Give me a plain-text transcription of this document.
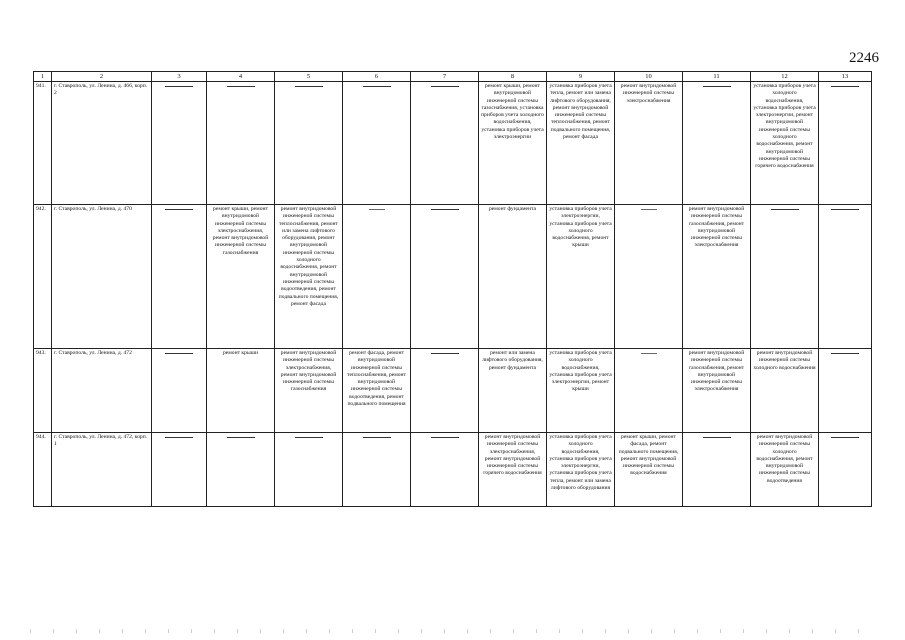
2246
1	2	3	4	5	6	7	8	9	10	11	12	13
941.	г. Ставрополь, ул. Ленина, д. 466, корп. 2						ремонт крыши, ремонт внутридомовой инженерной системы газоснабжения, установка приборов учета холодного водоснабжения, установка приборов учета электроэнергии	установка приборов учета тепла, ремонт или замена лифтового оборудования, ремонт внутридомовой инженерной системы теплоснабжения, ремонт подвального помещения, ремонт фасада	ремонт внутридомовой инженерной системы электроснабжения		установка приборов учета холодного водоснабжения, установка приборов учета электроэнергии, ремонт внутридомовой инженерной системы холодного водоснабжения, ремонт внутридомовой инженерной системы горячего водоснабжения	

942.	г. Ставрополь, ул. Ленина, д. 470		ремонт крыши, ремонт внутридомовой инженерной системы электроснабжения, ремонт внутридомовой инженерной системы газоснабжения	ремонт внутридомовой инженерной системы теплоснабжения, ремонт или замена лифтового оборудования, ремонт внутридомовой инженерной системы холодного водоснабжения, ремонт внутридомовой инженерной системы водоотведения, ремонт подвального помещения, ремонт фасада			ремонт фундамента	установка приборов учета электроэнергии, установка приборов учета холодного водоснабжения, ремонт крыши		ремонт внутридомовой инженерной системы газоснабжения, ремонт внутридомовой инженерной системы электроснабжения	

943.	г. Ставрополь, ул. Ленина, д. 472		ремонт крыши	ремонт внутридомовой инженерной системы электроснабжения, ремонт внутридомовой инженерной системы газоснабжения	ремонт фасада, ремонт внутридомовой инженерной системы теплоснабжения, ремонт внутридомовой инженерной системы водоотведения, ремонт подвального помещения		ремонт или замена лифтового оборудования, ремонт фундамента	установка приборов учета холодного водоснабжения, установка приборов учета электроэнергии, ремонт крыши		ремонт внутридомовой инженерной системы газоснабжения, ремонт внутридомовой инженерной системы электроснабжения	ремонт внутридомовой инженерной системы холодного водоснабжения	

944.	г. Ставрополь, ул. Ленина, д. 472, корп. 1						ремонт внутридомовой инженерной системы электроснабжения, ремонт внутридомовой инженерной системы горячего водоснабжения	установка приборов учета холодного водоснабжения, установка приборов учета электроэнергии, установка приборов учета тепла, ремонт или замена лифтового оборудования	ремонт крыши, ремонт фасада, ремонт подвального помещения, ремонт внутридомовой инженерной системы водоснабжения		ремонт внутридомовой инженерной системы холодного водоснабжения, ремонт внутридомовой инженерной системы водоотведения	
